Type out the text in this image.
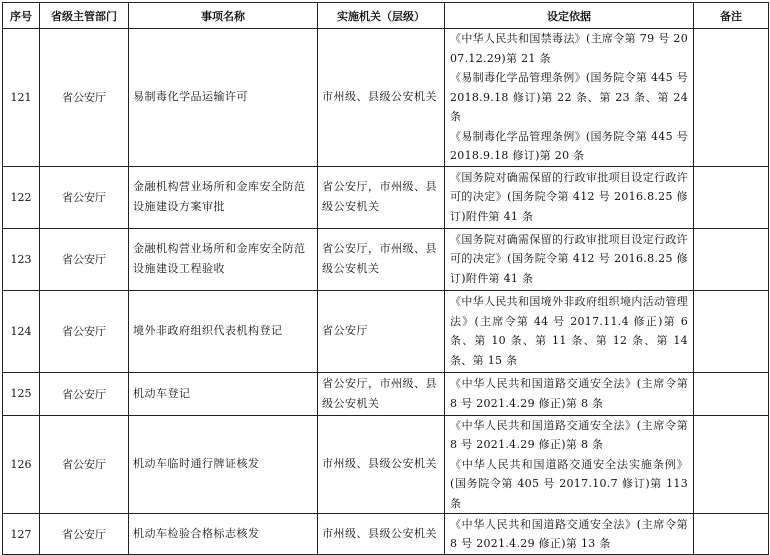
序号	省级主管部门	事项名称	实施机关（层级）	设定依据	备注
121	省公安厅	易制毒化学品运输许可	市州级、县级公安机关	《中华人民共和国禁毒法》(主席令第 79 号 2007.12.29)第 21 条
《易制毒化学品管理条例》(国务院令第 445 号 2018.9.18 修订)第 22 条、第 23 条、第 24 条
《易制毒化学品管理条例》(国务院令第 445 号 2018.9.18 修订)第 20 条	

122	省公安厅	金融机构营业场所和金库安全防范设施建设方案审批	省公安厅，市州级、县级公安机关	《国务院对确需保留的行政审批项目设定行政许可的决定》(国务院令第 412 号 2016.8.25 修订)附件第 41 条	

123	省公安厅	金融机构营业场所和金库安全防范设施建设工程验收	省公安厅，市州级、县级公安机关	《国务院对确需保留的行政审批项目设定行政许可的决定》(国务院令第 412 号 2016.8.25 修订)附件第 41 条	

124	省公安厅	境外非政府组织代表机构登记	省公安厅	《中华人民共和国境外非政府组织境内活动管理法》(主席令第 44 号 2017.11.4 修正)第 6 条、第 10 条、第 11 条、第 12 条、第 14 条、第 15 条	

125	省公安厅	机动车登记	省公安厅，市州级、县级公安机关	《中华人民共和国道路交通安全法》(主席令第 8 号 2021.4.29 修正)第 8 条	

126	省公安厅	机动车临时通行牌证核发	市州级、县级公安机关	《中华人民共和国道路交通安全法》(主席令第 8 号 2021.4.29 修正)第 8 条
《中华人民共和国道路交通安全法实施条例》(国务院令第 405 号 2017.10.7 修订)第 113 条	

127	省公安厅	机动车检验合格标志核发	市州级、县级公安机关	《中华人民共和国道路交通安全法》(主席令第 8 号 2021.4.29 修正)第 13 条	
